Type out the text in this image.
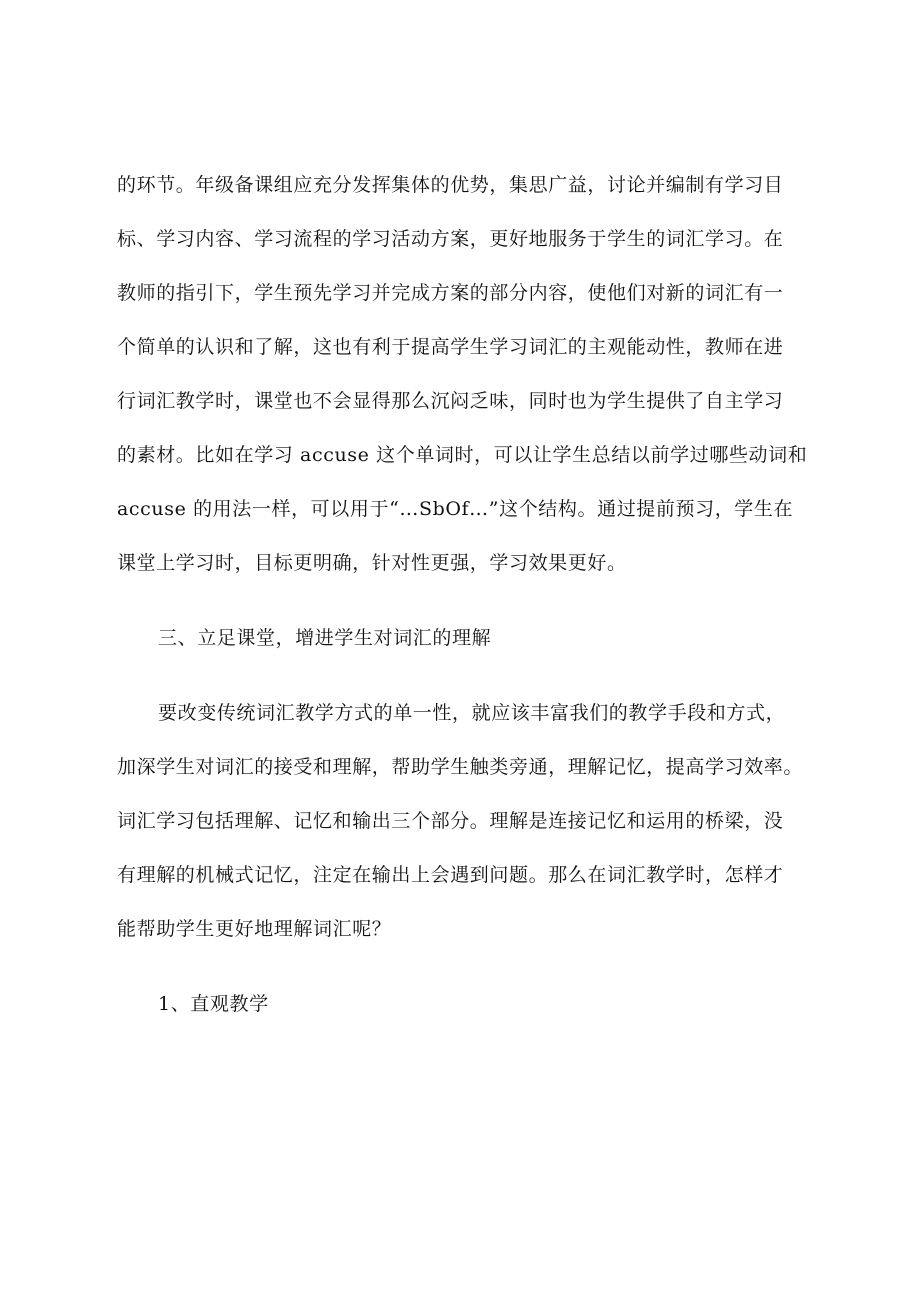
的环节。年级备课组应充分发挥集体的优势，集思广益，讨论并编制有学习目
标、学习内容、学习流程的学习活动方案，更好地服务于学生的词汇学习。在
教师的指引下，学生预先学习并完成方案的部分内容，使他们对新的词汇有一
个简单的认识和了解，这也有利于提高学生学习词汇的主观能动性，教师在进
行词汇教学时，课堂也不会显得那么沉闷乏味，同时也为学生提供了自主学习
的素材。比如在学习 accuse 这个单词时，可以让学生总结以前学过哪些动词和
accuse 的用法一样，可以用于“…SbOf…”这个结构。通过提前预习，学生在
课堂上学习时，目标更明确，针对性更强，学习效果更好。
三、立足课堂，增进学生对词汇的理解
要改变传统词汇教学方式的单一性，就应该丰富我们的教学手段和方式，
加深学生对词汇的接受和理解，帮助学生触类旁通，理解记忆，提高学习效率。
词汇学习包括理解、记忆和输出三个部分。理解是连接记忆和运用的桥梁，没
有理解的机械式记忆，注定在输出上会遇到问题。那么在词汇教学时，怎样才
能帮助学生更好地理解词汇呢？
1、直观教学
